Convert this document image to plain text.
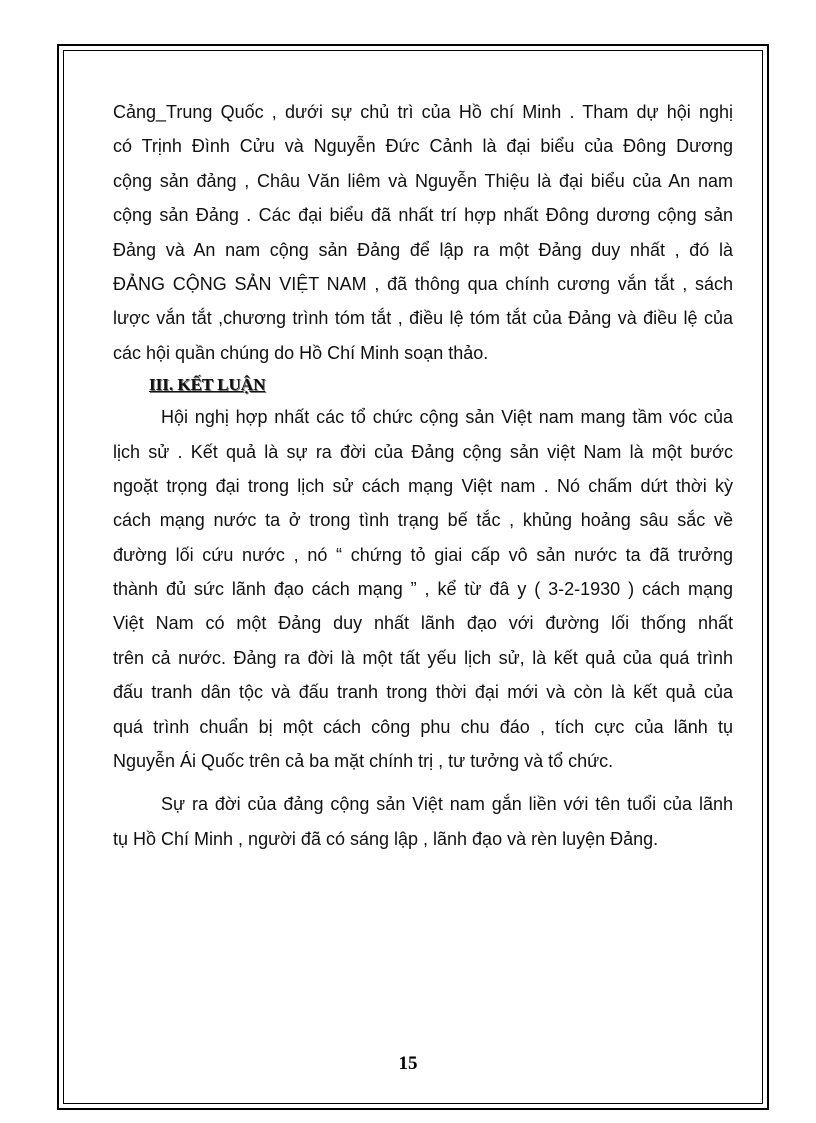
Cảng_Trung Quốc , dưới sự chủ trì của Hồ chí Minh . Tham dự hội nghị
có Trịnh Đình Cửu và Nguyễn Đức Cảnh là đại biểu của Đông Dương
cộng sản đảng , Châu Văn liêm và Nguyễn Thiệu là đại biểu của An nam
cộng sản Đảng . Các đại biểu đã nhất trí hợp nhất Đông dương cộng sản
Đảng và An nam cộng sản Đảng để lập ra một Đảng duy nhất , đó là
ĐẢNG CỘNG SẢN VIỆT NAM , đã thông qua chính cương vắn tắt , sách
lược vắn tắt ,chương trình tóm tắt , điều lệ tóm tắt của Đảng và điều lệ của
các hội quần chúng do Hồ Chí Minh soạn thảo.
III. KẾT LUẬN
Hội nghị hợp nhất các tổ chức cộng sản Việt nam mang tầm vóc của
lịch sử . Kết quả là sự ra đời của Đảng cộng sản việt Nam là một bước
ngoặt trọng đại trong lịch sử cách mạng Việt nam . Nó chấm dứt thời kỳ
cách mạng nước ta ở trong tình trạng bế tắc , khủng hoảng sâu sắc về
đường lối cứu nước , nó “ chứng tỏ giai cấp vô sản nước ta đã trưởng
thành đủ sức lãnh đạo cách mạng ” , kể từ đâ y ( 3-2-1930 ) cách mạng
Việt Nam có một Đảng duy nhất lãnh đạo với đường lối thống nhất
trên cả nước. Đảng ra đời là một tất yếu lịch sử, là kết quả của quá trình
đấu tranh dân tộc và đấu tranh trong thời đại mới và còn là kết quả của
quá trình chuẩn bị một cách công phu chu đáo , tích cực của lãnh tụ
Nguyễn Ái Quốc trên cả ba mặt chính trị , tư tưởng và tổ chức.
Sự ra đời của đảng cộng sản Việt nam gắn liền với tên tuổi của lãnh
tụ Hồ Chí Minh , người đã có sáng lập , lãnh đạo và rèn luyện Đảng.
15
